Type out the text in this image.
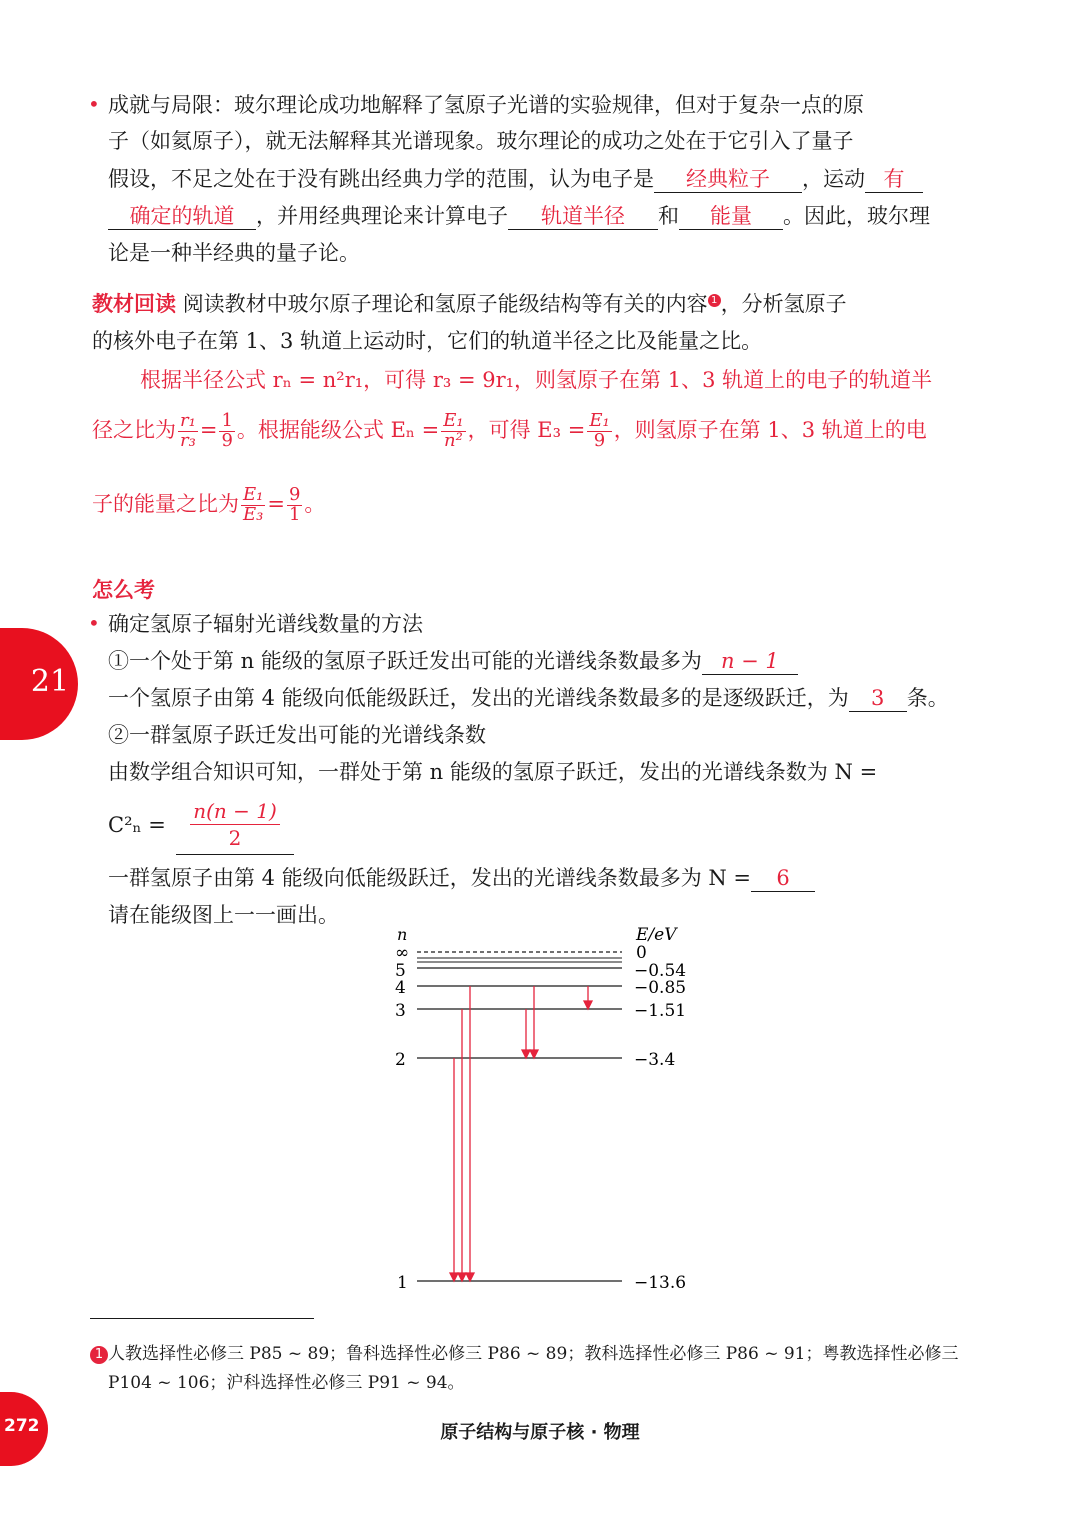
• 成就与局限：玻尔理论成功地解释了氢原子光谱的实验规律，但对于复杂一点的原
子（如氦原子），就无法解释其光谱现象。玻尔理论的成功之处在于它引入了量子
假设，不足之处在于没有跳出经典力学的范围，认为电子是 经典粒子 ，运动 有
确定的轨道 ，并用经典理论来计算电子 轨道半径 和 能量 。因此，玻尔理
论是一种半经典的量子论。
教材回读 阅读教材中玻尔原子理论和氢原子能级结构等有关的内容 1 ，分析氢原子
的核外电子在第 1、3 轨道上运动时，它们的轨道半径之比及能量之比。
根据半径公式 rₙ = n²r₁，可得 r₃ = 9r₁，则氢原子在第 1、3 轨道上的电子的轨道半
径之比为 $\frac{\text{r₁}}{\text{r₃}} = \frac{1}{9}$ 。根据能级公式 $E_n = \frac{\text{E₁}}{\text{n²}}$ ，可得 $E_3 = \frac{\text{E₁}}{9}$ ，则氢原子在第 1、3 轨道上的电
子的能量之比为 $\frac{\text{E₁}}{\text{E₃}} = \frac{9}{1}$ 。
怎么考
• 确定氢原子辐射光谱线数量的方法
①一个处于第 n 能级的氢原子跃迁发出可能的光谱线条数最多为 n − 1
一个氢原子由第 4 能级向低能级跃迁，发出的光谱线条数最多的是逐级跃迁，为 3 条。
②一群氢原子跃迁发出可能的光谱线条数
由数学组合知识可知，一群处于第 n 能级的氢原子跃迁，发出的光谱线条数为 N =
C²ₙ =
n(n − 1)
2
一群氢原子由第 4 能级向低能级跃迁，发出的光谱线条数最多为 N = 6
请在能级图上一一画出。
n	E/eV
∞	0
5	−0.54
4	−0.85
3	−1.51
2	−3.4
1	−13.6
1 人教选择性必修三 P85 ~ 89；鲁科选择性必修三 P86 ~ 89；教科选择性必修三 P86 ~ 91；粤教选择性必修三
P104 ~ 106；沪科选择性必修三 P91 ~ 94。
21
272	原子结构与原子核 · 物理
